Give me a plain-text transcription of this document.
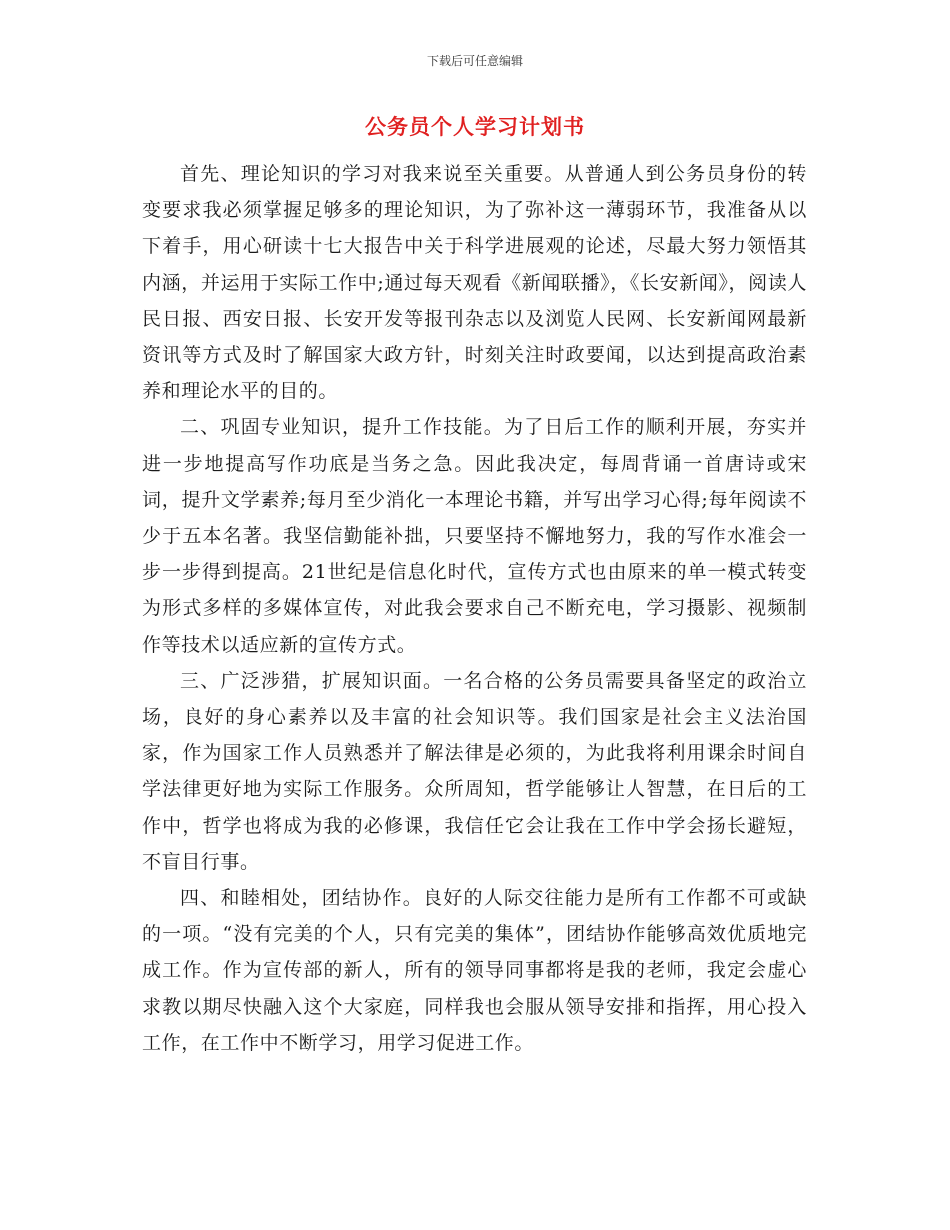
下载后可任意编辑
公务员个人学习计划书

首先、理论知识的学习对我来说至关重要。从普通人到公务员身份的转变要求我必须掌握足够多的理论知识，为了弥补这一薄弱环节，我准备从以下着手，用心研读十七大报告中关于科学进展观的论述，尽最大努力领悟其内涵，并运用于实际工作中;通过每天观看《新闻联播》，《长安新闻》，阅读人民日报、西安日报、长安开发等报刊杂志以及浏览人民网、长安新闻网最新资讯等方式及时了解国家大政方针，时刻关注时政要闻，以达到提高政治素养和理论水平的目的。

二、巩固专业知识，提升工作技能。为了日后工作的顺利开展，夯实并进一步地提高写作功底是当务之急。因此我决定，每周背诵一首唐诗或宋词，提升文学素养;每月至少消化一本理论书籍，并写出学习心得;每年阅读不少于五本名著。我坚信勤能补拙，只要坚持不懈地努力，我的写作水准会一步一步得到提高。21世纪是信息化时代，宣传方式也由原来的单一模式转变为形式多样的多媒体宣传，对此我会要求自己不断充电，学习摄影、视频制作等技术以适应新的宣传方式。

三、广泛涉猎，扩展知识面。一名合格的公务员需要具备坚定的政治立场，良好的身心素养以及丰富的社会知识等。我们国家是社会主义法治国家，作为国家工作人员熟悉并了解法律是必须的，为此我将利用课余时间自学法律更好地为实际工作服务。众所周知，哲学能够让人智慧，在日后的工作中，哲学也将成为我的必修课，我信任它会让我在工作中学会扬长避短，不盲目行事。

四、和睦相处，团结协作。良好的人际交往能力是所有工作都不可或缺的一项。“没有完美的个人，只有完美的集体”，团结协作能够高效优质地完成工作。作为宣传部的新人，所有的领导同事都将是我的老师，我定会虚心求教以期尽快融入这个大家庭，同样我也会服从领导安排和指挥，用心投入工作，在工作中不断学习，用学习促进工作。
